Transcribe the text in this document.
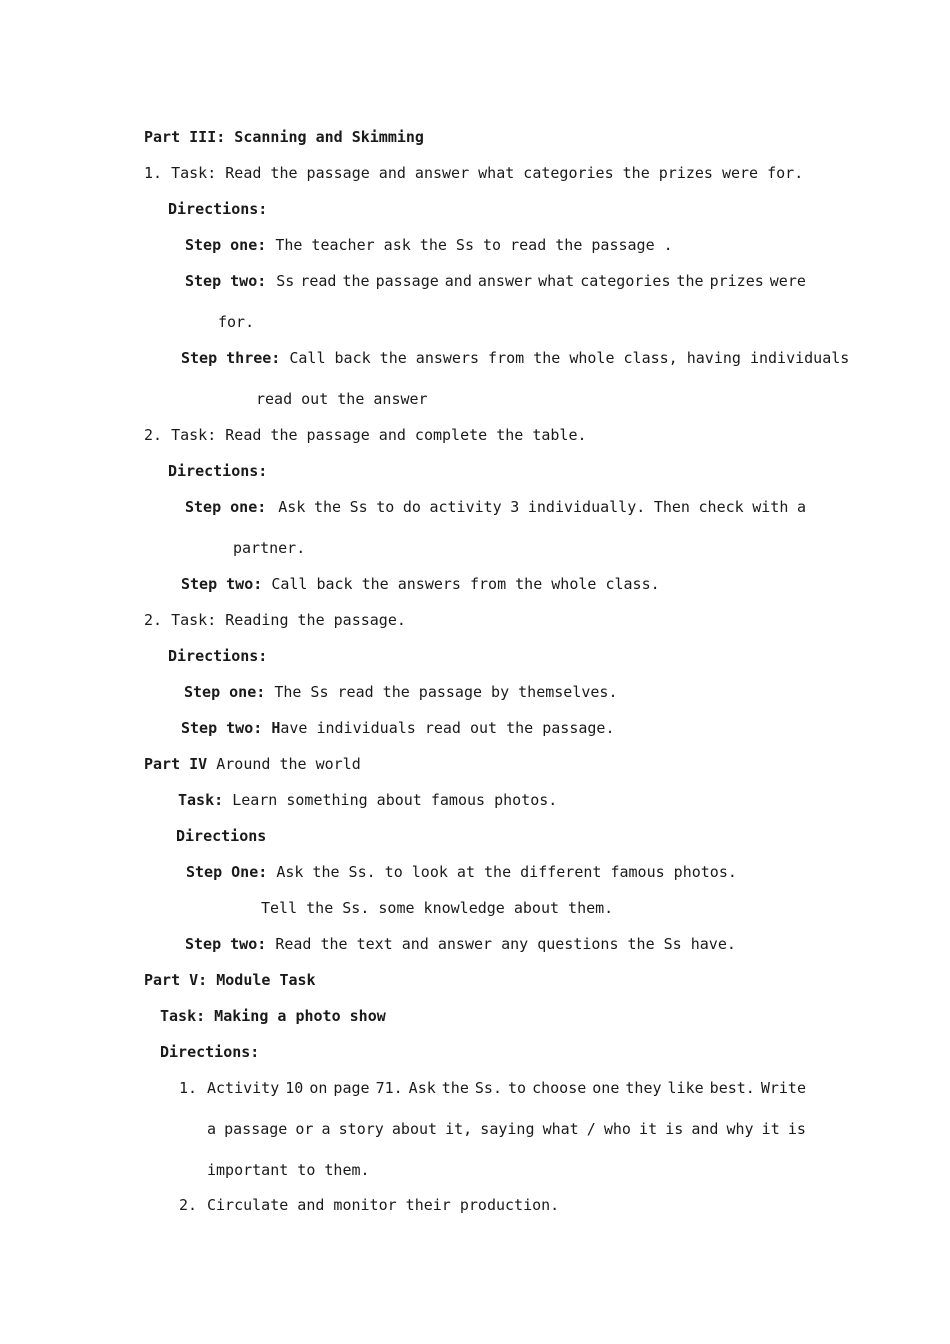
Part III: Scanning and Skimming
1. Task: Read the passage and answer what categories the prizes were for.
Directions:
Step one: The teacher ask the Ss to read the passage .
Step two: Ss read the passage and answer what categories the prizes were
for.
Step three: Call back the answers from the whole class, having individuals
read out the answer
2. Task: Read the passage and complete the table.
Directions:
Step one: Ask the Ss to do activity 3 individually. Then check with a
partner.
Step two: Call back the answers from the whole class.
2. Task: Reading the passage.
Directions:
Step one: The Ss read the passage by themselves.
Step two: Have individuals read out the passage.
Part IV Around the world
Task: Learn something about famous photos.
Directions
Step One: Ask the Ss. to look at the different famous photos.
Tell the Ss. some knowledge about them.
Step two: Read the text and answer any questions the Ss have.
Part V: Module Task
Task: Making a photo show
Directions:
1. Activity 10 on page 71. Ask the Ss. to choose one they like best. Write
a passage or a story about it, saying what / who it is and why it is
important to them.
2. Circulate and monitor their production.
